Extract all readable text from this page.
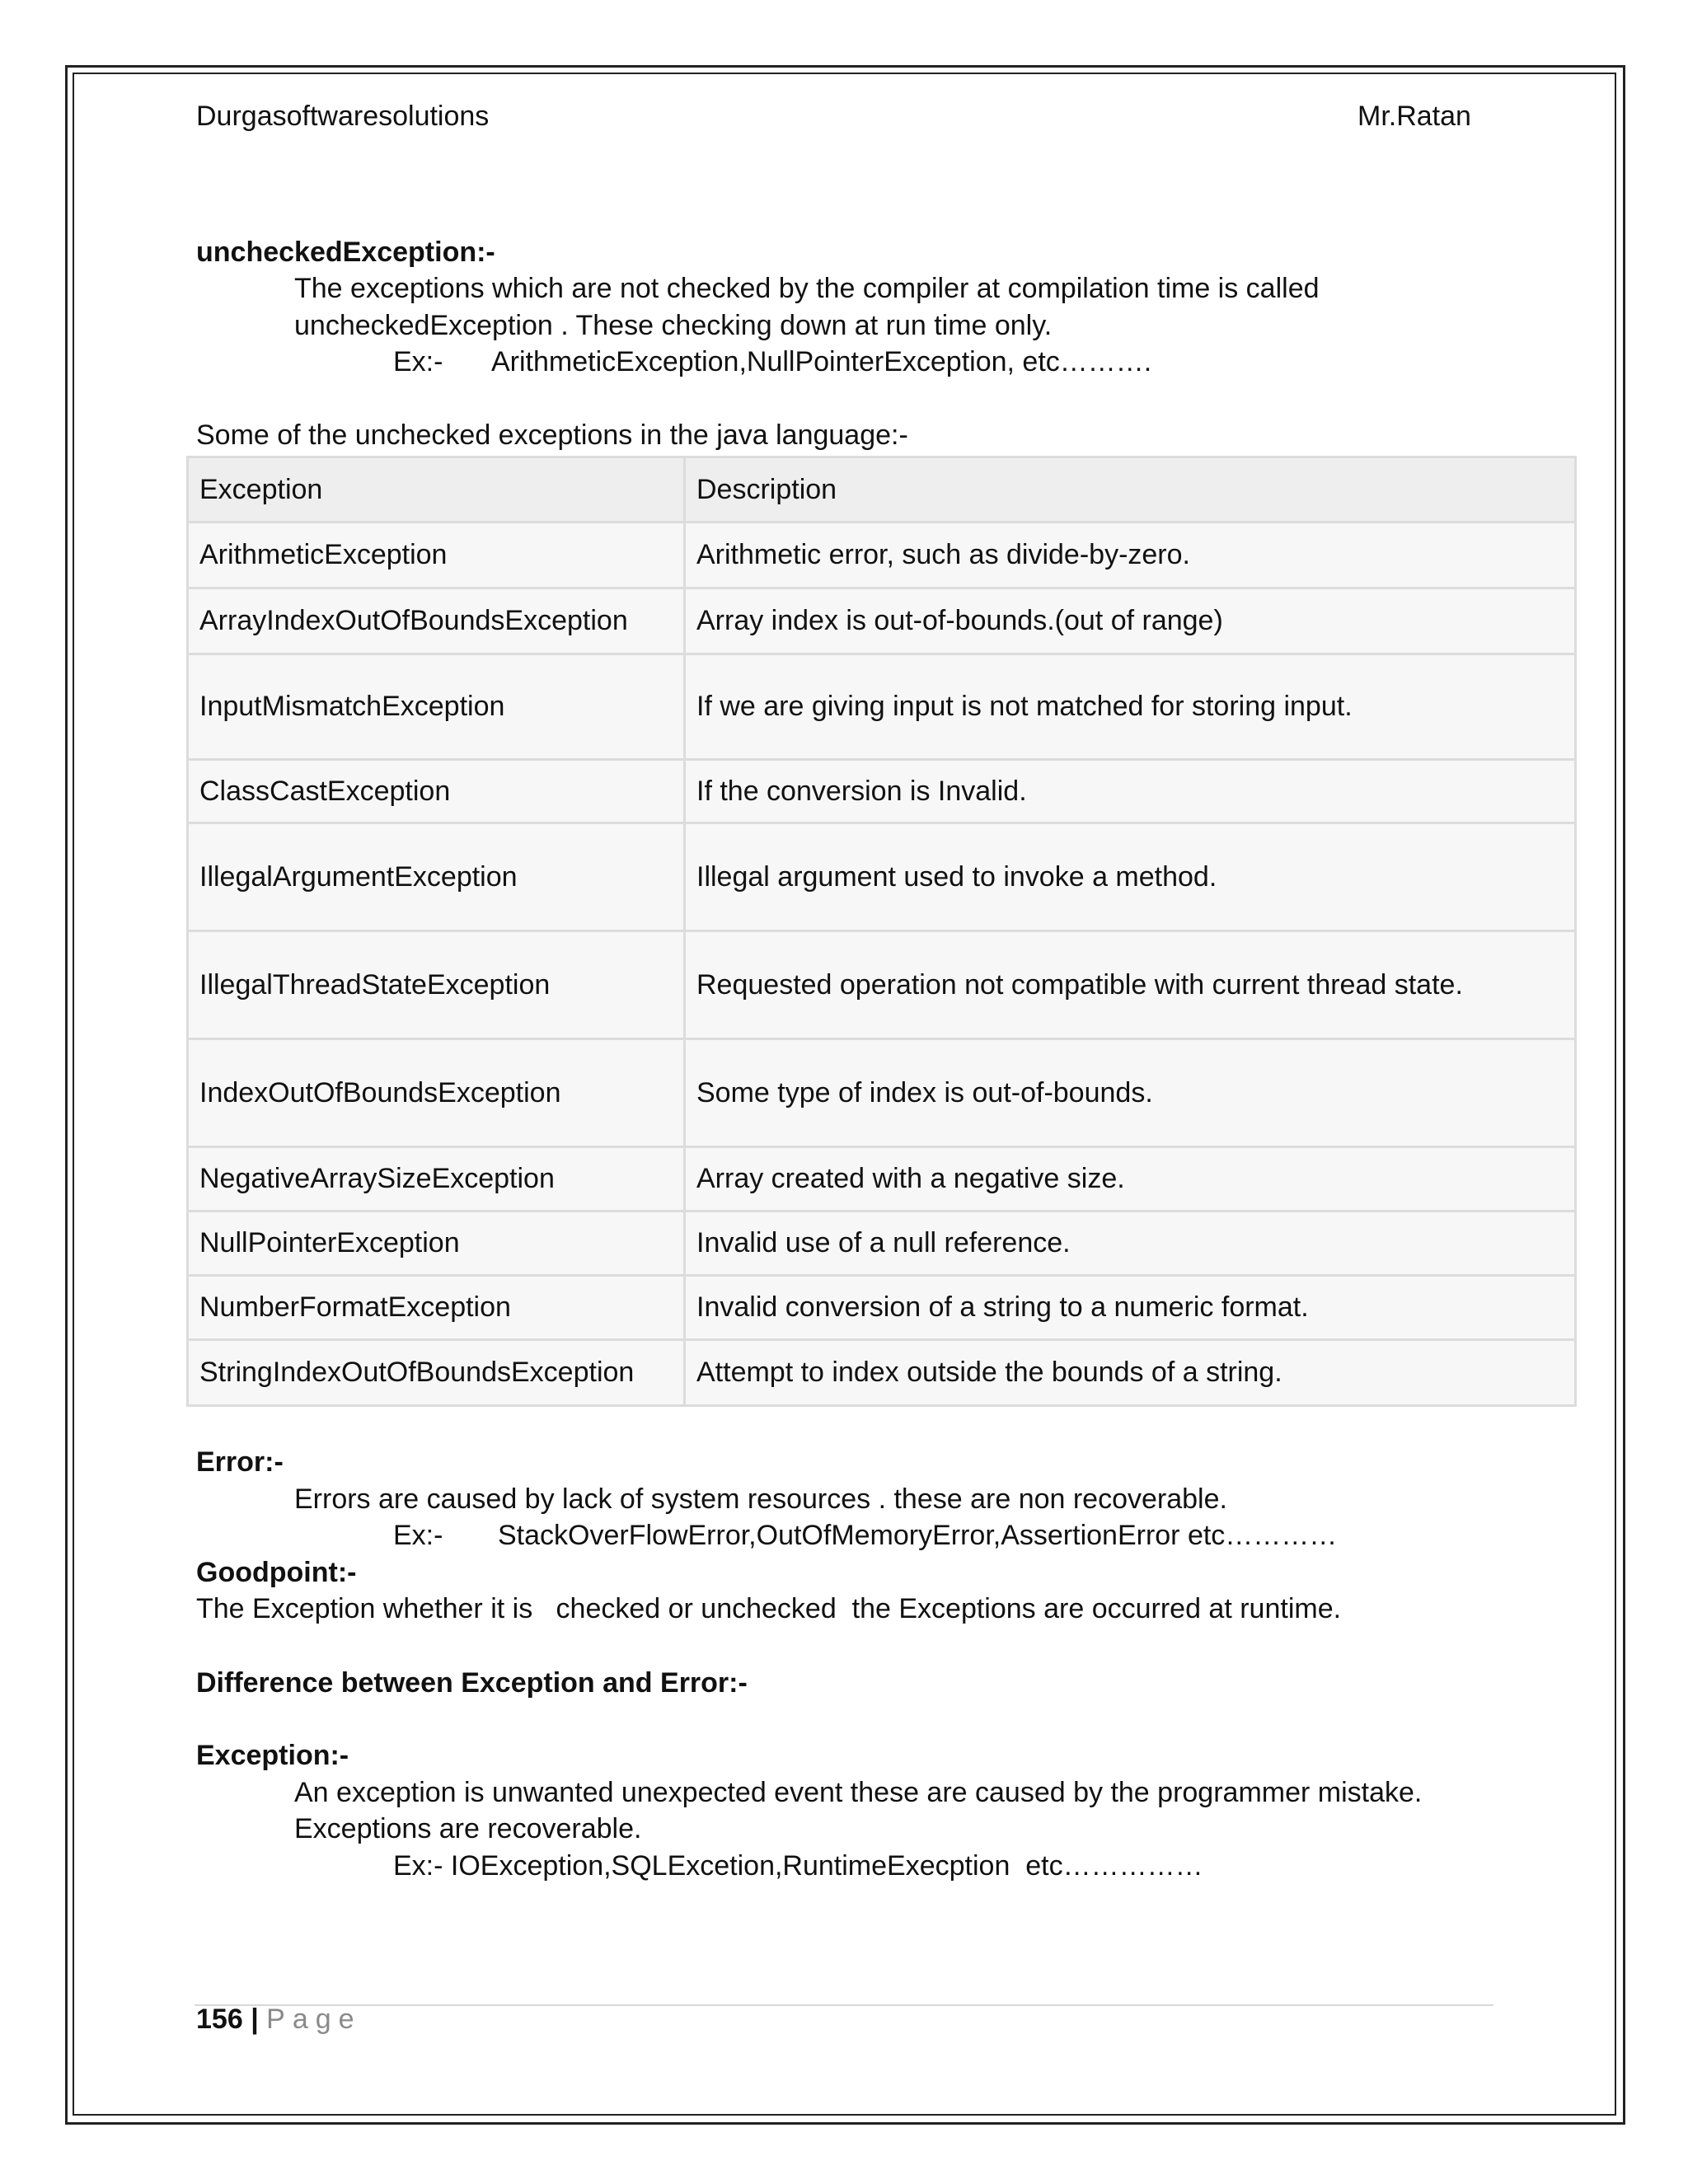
Durgasoftwaresolutions	Mr.Ratan
uncheckedException:-
The exceptions which are not checked by the compiler at compilation time is called
uncheckedException . These checking down at run time only.
Ex:- ArithmeticException,NullPointerException, etc……….
Some of the unchecked exceptions in the java language:-
Exception	Description
ArithmeticException	Arithmetic error, such as divide-by-zero.
ArrayIndexOutOfBoundsException	Array index is out-of-bounds.(out of range)
InputMismatchException	If we are giving input is not matched for storing input.
ClassCastException	If the conversion is Invalid.
IllegalArgumentException	Illegal argument used to invoke a method.
IllegalThreadStateException	Requested operation not compatible with current thread state.
IndexOutOfBoundsException	Some type of index is out-of-bounds.
NegativeArraySizeException	Array created with a negative size.
NullPointerException	Invalid use of a null reference.
NumberFormatException	Invalid conversion of a string to a numeric format.
StringIndexOutOfBoundsException	Attempt to index outside the bounds of a string.
Error:-
Errors are caused by lack of system resources . these are non recoverable.
Ex:- StackOverFlowError,OutOfMemoryError,AssertionError etc…………
Goodpoint:-
The Exception whether it is   checked or unchecked  the Exceptions are occurred at runtime.
Difference between Exception and Error:-
Exception:-
An exception is unwanted unexpected event these are caused by the programmer mistake.
Exceptions are recoverable.
Ex:- IOException,SQLExcetion,RuntimeExecption  etc……………
156 | Page
